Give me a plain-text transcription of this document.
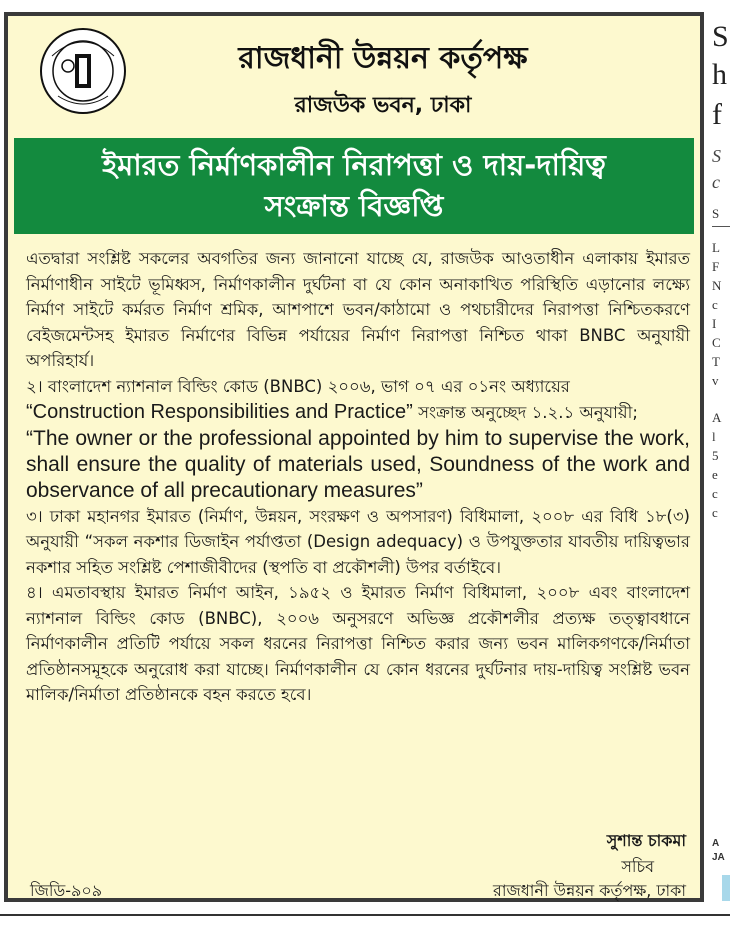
রাজধানী উন্নয়ন কর্তৃপক্ষ
রাজউক ভবন, ঢাকা
ইমারত নির্মাণকালীন নিরাপত্তা ও দায়-দায়িত্ব
সংক্রান্ত বিজ্ঞপ্তি

এতদ্বারা সংশ্লিষ্ট সকলের অবগতির জন্য জানানো যাচ্ছে যে, রাজউক আওতাধীন এলাকায় ইমারত নির্মাণাধীন সাইটে ভূমিধ্বস, নির্মাণকালীন দুর্ঘটনা বা যে কোন অনাকাখিত পরিস্থিতি এড়ানোর লক্ষ্যে নির্মাণ সাইটে কর্মরত নির্মাণ শ্রমিক, আশপাশে ভবন/কাঠামো ও পথচারীদের নিরাপত্তা নিশ্চিতকরণে বেইজমেন্টসহ ইমারত নির্মাণের বিভিন্ন পর্যায়ের নির্মাণ নিরাপত্তা নিশ্চিত থাকা BNBC অনুযায়ী অপরিহার্য।

২। বাংলাদেশ ন্যাশনাল বিল্ডিং কোড (BNBC) ২০০৬, ভাগ ০৭ এর ০১নং অধ্যায়ের
“Construction Responsibilities and Practice” সংক্রান্ত অনুচ্ছেদ ১.২.১ অনুযায়ী;

“The owner or the professional appointed by him to supervise the work, shall ensure the quality of materials used, Soundness of the work and observance of all precautionary measures”

৩। ঢাকা মহানগর ইমারত (নির্মাণ, উন্নয়ন, সংরক্ষণ ও অপসারণ) বিধিমালা, ২০০৮ এর বিধি ১৮(৩) অনুযায়ী “সকল নকশার ডিজাইন পর্যাপ্ততা (Design adequacy) ও উপযুক্ততার যাবতীয় দায়িত্বভার নকশার সহিত সংশ্লিষ্ট পেশাজীবীদের (স্থপতি বা প্রকৌশলী) উপর বর্তাইবে।

৪। এমতাবস্থায় ইমারত নির্মাণ আইন, ১৯৫২ ও ইমারত নির্মাণ বিধিমালা, ২০০৮ এবং বাংলাদেশ ন্যাশনাল বিল্ডিং কোড (BNBC), ২০০৬ অনুসরণে অভিজ্ঞ প্রকৌশলীর প্রত্যক্ষ তত্ত্বাবধানে নির্মাণকালীন প্রতিটি পর্যায়ে সকল ধরনের নিরাপত্তা নিশ্চিত করার জন্য ভবন মালিকগণকে/নির্মাতা প্রতিষ্ঠানসমূহকে অনুরোধ করা যাচ্ছে। নির্মাণকালীন যে কোন ধরনের দুর্ঘটনার দায়-দায়িত্ব সংশ্লিষ্ট ভবন মালিক/নির্মাতা প্রতিষ্ঠানকে বহন করতে হবে।

সুশান্ত চাকমা
সচিব
রাজধানী উন্নয়ন কর্তৃপক্ষ, ঢাকা
জিডি-৯০৯
S
h
f
S
c
S
L
F
N
c
I
C
T
v
A
l
5
e
c
c
A
JA
